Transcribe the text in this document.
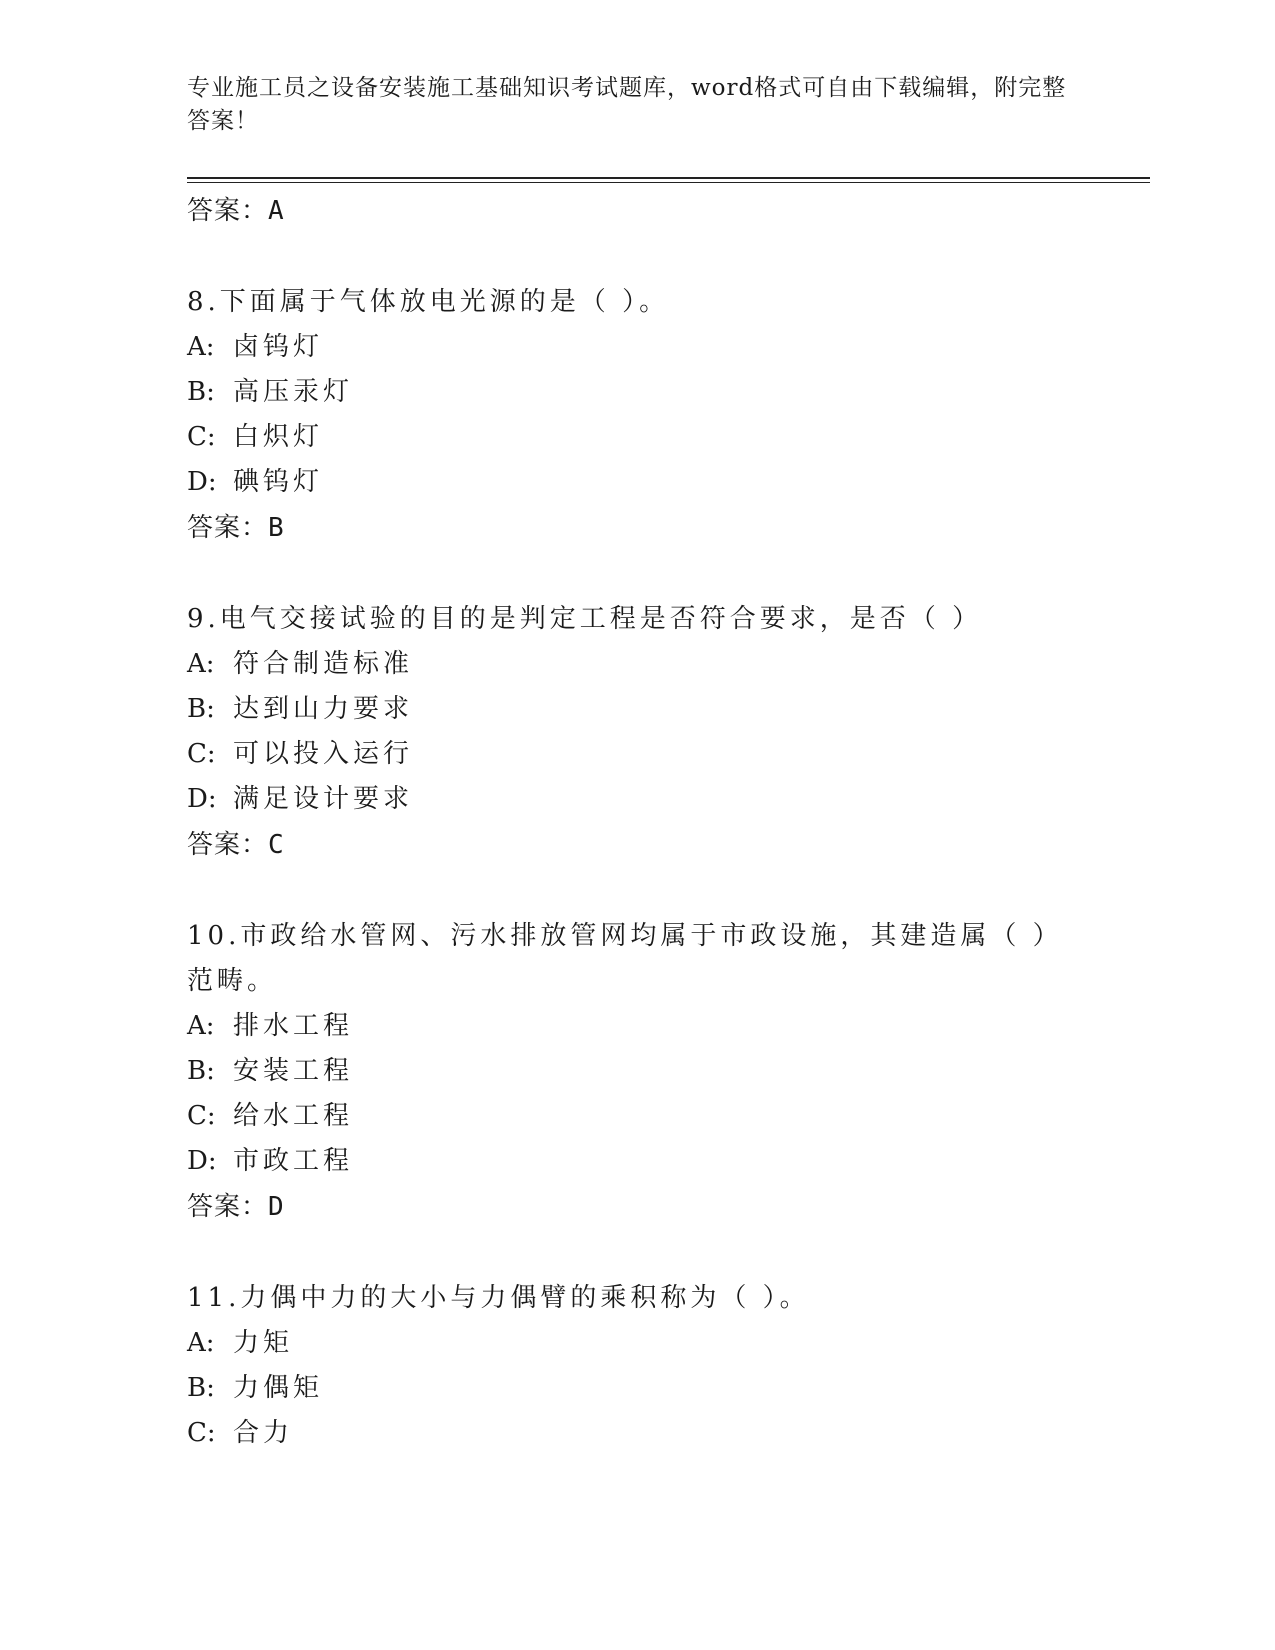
专业施工员之设备安装施工基础知识考试题库，word格式可自由下载编辑，附完整答案！
答案：A
8.下面属于气体放电光源的是（ ）。
A: 卤钨灯
B: 高压汞灯
C: 白炽灯
D: 碘钨灯
答案：B
9.电气交接试验的目的是判定工程是否符合要求，是否（ ）
A: 符合制造标准
B: 达到山力要求
C: 可以投入运行
D: 满足设计要求
答案：C
10.市政给水管网、污水排放管网均属于市政设施，其建造属（ ）范畴。
A: 排水工程
B: 安装工程
C: 给水工程
D: 市政工程
答案：D
11.力偶中力的大小与力偶臂的乘积称为（ ）。
A: 力矩
B: 力偶矩
C: 合力
